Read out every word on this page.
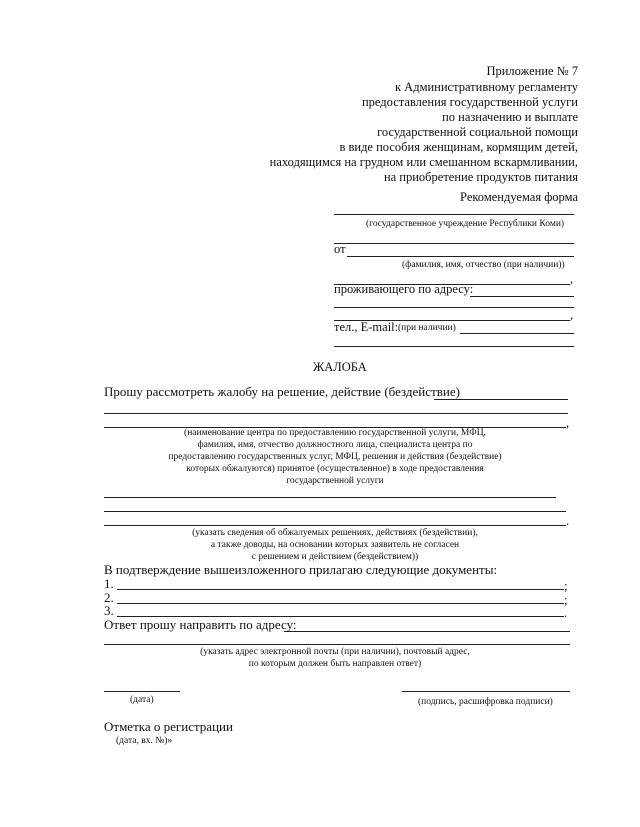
Приложение № 7
к Административному регламенту
предоставления государственной услуги
по назначению и выплате
государственной социальной помощи
в виде пособия женщинам, кормящим детей,
находящимся на грудном или смешанном вскармливании,
на приобретение продуктов питания
Рекомендуемая форма
(государственное учреждение Республики Коми)
от
(фамилия, имя, отчество (при наличии))
,
проживающего по адресу:
,
тел., E-mail: (при наличии)
ЖАЛОБА
Прошу рассмотреть жалобу на решение, действие (бездействие)
,
(наименование центра по предоставлению государственной услуги, МФЦ,
фамилия, имя, отчество должностного лица, специалиста центра по
предоставлению государственных услуг, МФЦ, решения и действия (бездействие)
которых обжалуются) принятое (осуществленное) в ходе предоставления
государственной услуги
.
(указать сведения об обжалуемых решениях, действиях (бездействии),
а также доводы, на основании которых заявитель не согласен
с решением и действием (бездействием))
В подтверждение вышеизложенного прилагаю следующие документы:
1.	;
2.	;
3.	.
Ответ прошу направить по адресу:
(указать адрес электронной почты (при наличии), почтовый адрес,
по которым должен быть направлен ответ)
(дата)	(подпись, расшифровка подписи)
Отметка о регистрации
(дата, вх. №)»
